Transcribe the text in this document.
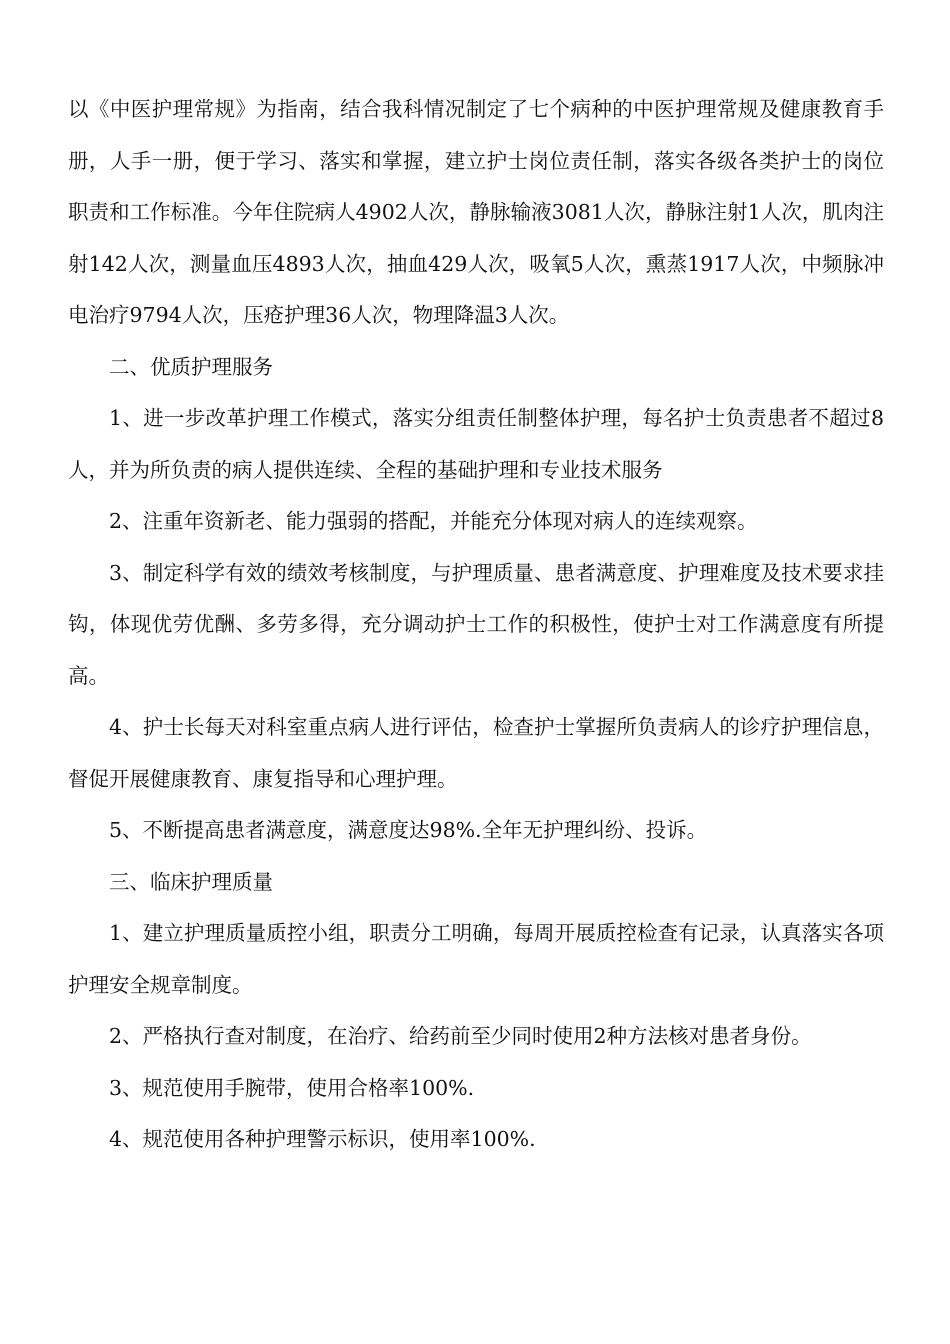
以《中医护理常规》为指南，结合我科情况制定了七个病种的中医护理常规及健康教育手册，人手一册，便于学习、落实和掌握，建立护士岗位责任制，落实各级各类护士的岗位职责和工作标准。今年住院病人4902人次，静脉输液3081人次，静脉注射1人次，肌肉注射142人次，测量血压4893人次，抽血429人次，吸氧5人次，熏蒸1917人次，中频脉冲电治疗9794人次，压疮护理36人次，物理降温3人次。

二、优质护理服务

1、进一步改革护理工作模式，落实分组责任制整体护理，每名护士负责患者不超过8人，并为所负责的病人提供连续、全程的基础护理和专业技术服务

2、注重年资新老、能力强弱的搭配，并能充分体现对病人的连续观察。

3、制定科学有效的绩效考核制度，与护理质量、患者满意度、护理难度及技术要求挂钩，体现优劳优酬、多劳多得，充分调动护士工作的积极性，使护士对工作满意度有所提高。

4、护士长每天对科室重点病人进行评估，检查护士掌握所负责病人的诊疗护理信息，督促开展健康教育、康复指导和心理护理。

5、不断提高患者满意度，满意度达98%.全年无护理纠纷、投诉。

三、临床护理质量

1、建立护理质量质控小组，职责分工明确，每周开展质控检查有记录，认真落实各项护理安全规章制度。

2、严格执行查对制度，在治疗、给药前至少同时使用2种方法核对患者身份。

3、规范使用手腕带，使用合格率100%.

4、规范使用各种护理警示标识，使用率100%.
